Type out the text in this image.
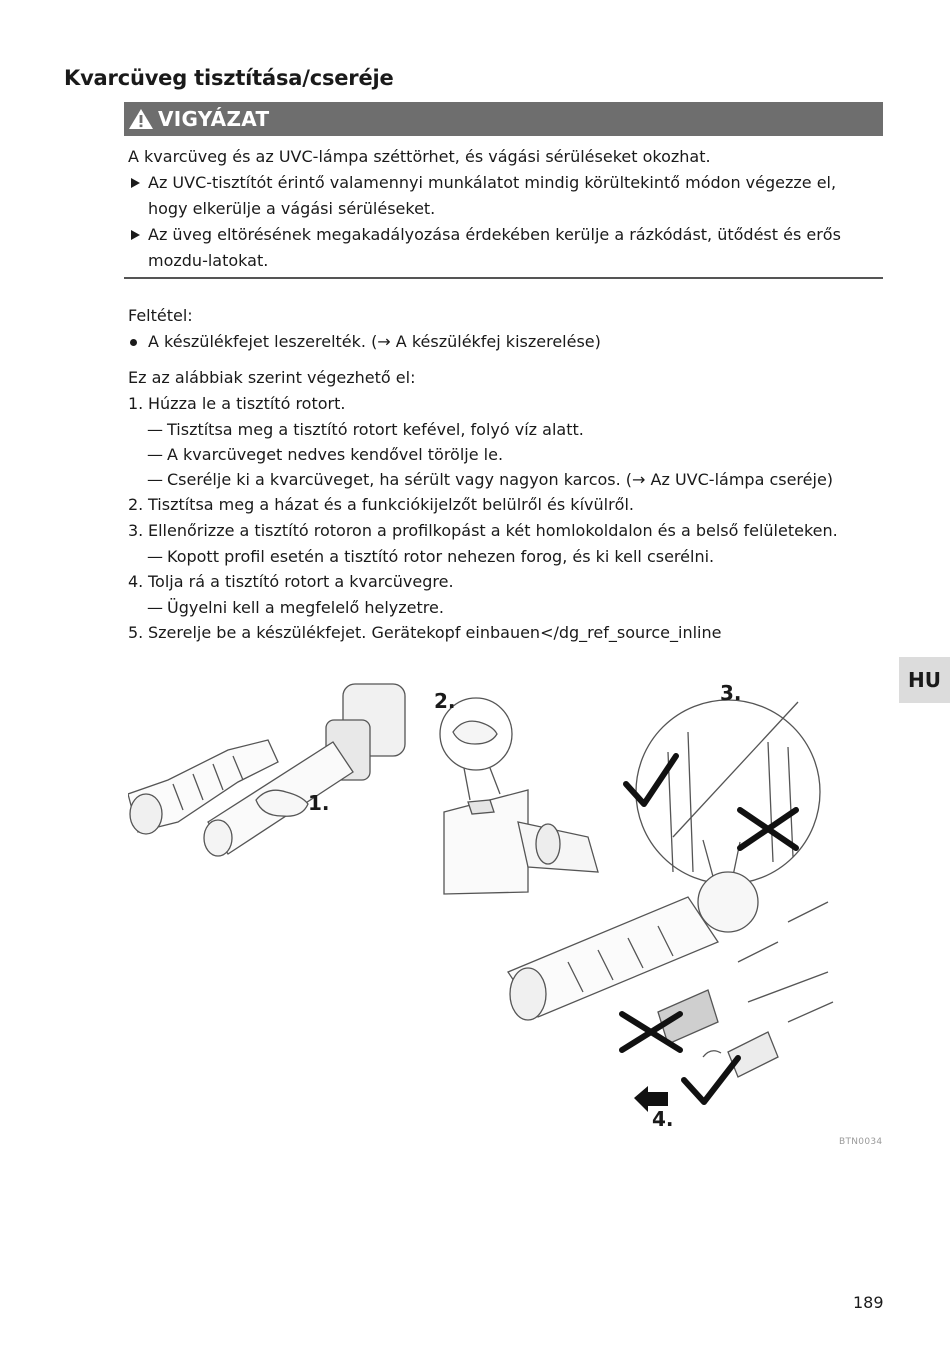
Kvarcüveg tisztítása/cseréje
VIGYÁZAT

A kvarcüveg és az UVC-lámpa széttörhet, és vágási sérüléseket okozhat.

Az UVC-tisztítót érintő valamennyi munkálatot mindig körültekintő módon végezze el, hogy elkerülje a vágási sérüléseket.
Az üveg eltörésének megakadályozása érdekében kerülje a rázkódást, ütődést és erős mozdu-latokat.

Feltétel:

A készülékfejet leszerelték. (→ A készülékfej kiszerelése)

Ez az alábbiak szerint végezhető el:

1. Húzza le a tisztító rotort.
— Tisztítsa meg a tisztító rotort kefével, folyó víz alatt.
— A kvarcüveget nedves kendővel törölje le.
— Cserélje ki a kvarcüveget, ha sérült vagy nagyon karcos. (→ Az UVC-lámpa cseréje)
2. Tisztítsa meg a házat és a funkciókijelzőt belülről és kívülről.
3. Ellenőrizze a tisztító rotoron a profilkopást a két homlokoldalon és a belső felületeken.
— Kopott profil esetén a tisztító rotor nehezen forog, és ki kell cserélni.
4. Tolja rá a tisztító rotort a kvarcüvegre.
— Ügyelni kell a megfelelő helyzetre.
5. Szerelje be a készülékfejet. Gerätekopf einbauen</dg_ref_source_inline
HU
1.
2.	3.
4.
BTN0034
189
